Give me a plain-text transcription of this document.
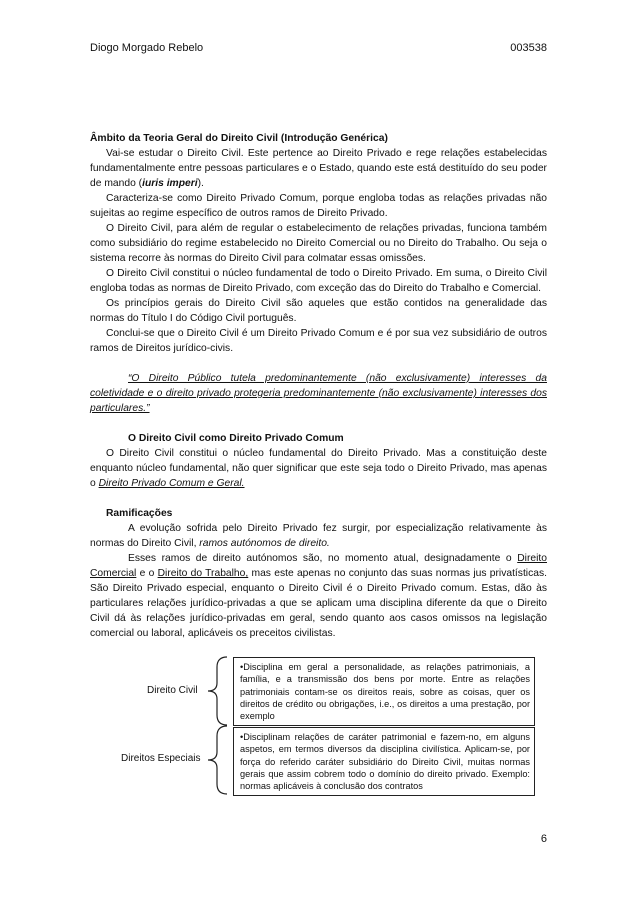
Diogo Morgado Rebelo	003538

Âmbito da Teoria Geral do Direito Civil (Introdução Genérica)

Vai-se estudar o Direito Civil. Este pertence ao Direito Privado e rege relações estabelecidas fundamentalmente entre pessoas particulares e o Estado, quando este está destituído do seu poder de mando (iuris imperi).

Caracteriza-se como Direito Privado Comum, porque engloba todas as relações privadas não sujeitas ao regime específico de outros ramos de Direito Privado.

O Direito Civil, para além de regular o estabelecimento de relações privadas, funciona também como subsidiário do regime estabelecido no Direito Comercial ou no Direito do Trabalho. Ou seja o sistema recorre às normas do Direito Civil para colmatar essas omissões.

O Direito Civil constitui o núcleo fundamental de todo o Direito Privado. Em suma, o Direito Civil engloba todas as normas de Direito Privado, com exceção das do Direito do Trabalho e Comercial.

Os princípios gerais do Direito Civil são aqueles que estão contidos na generalidade das normas do Título I do Código Civil português.

Conclui-se que o Direito Civil é um Direito Privado Comum e é por sua vez subsidiário de outros ramos de Direitos jurídico-civis.

“O Direito Público tutela predominantemente (não exclusivamente) interesses da coletividade e o direito privado protegeria predominantemente (não exclusivamente) interesses dos particulares.”

O Direito Civil como Direito Privado Comum

O Direito Civil constitui o núcleo fundamental do Direito Privado. Mas a constituição deste enquanto núcleo fundamental, não quer significar que este seja todo o Direito Privado, mas apenas o Direito Privado Comum e Geral.

Ramificações

A evolução sofrida pelo Direito Privado fez surgir, por especialização relativamente às normas do Direito Civil, ramos autónomos de direito.

Esses ramos de direito autónomos são, no momento atual, designadamente o Direito Comercial e o Direito do Trabalho, mas este apenas no conjunto das suas normas jus privatísticas. São Direito Privado especial, enquanto o Direito Civil é o Direito Privado comum. Estas, dão às particulares relações jurídico-privadas a que se aplicam uma disciplina diferente da que o Direito Civil dá às relações jurídico-privadas em geral, sendo quanto aos casos omissos na legislação comercial ou laboral, aplicáveis os preceitos civilistas.

Direito Civil
•Disciplina em geral a personalidade, as relações patrimoniais, a família, e a transmissão dos bens por morte. Entre as relações patrimoniais contam-se os direitos reais, sobre as coisas, quer os direitos de crédito ou obrigações, i.e., os direitos a uma prestação, por exemplo
Direitos Especiais
•Disciplinam relações de caráter patrimonial e fazem-no, em alguns aspetos, em termos diversos da disciplina civilística. Aplicam-se, por força do referido caráter subsidiário do Direito Civil, muitas normas gerais que assim cobrem todo o domínio do direito privado. Exemplo: normas aplicáveis à conclusão dos contratos
6
